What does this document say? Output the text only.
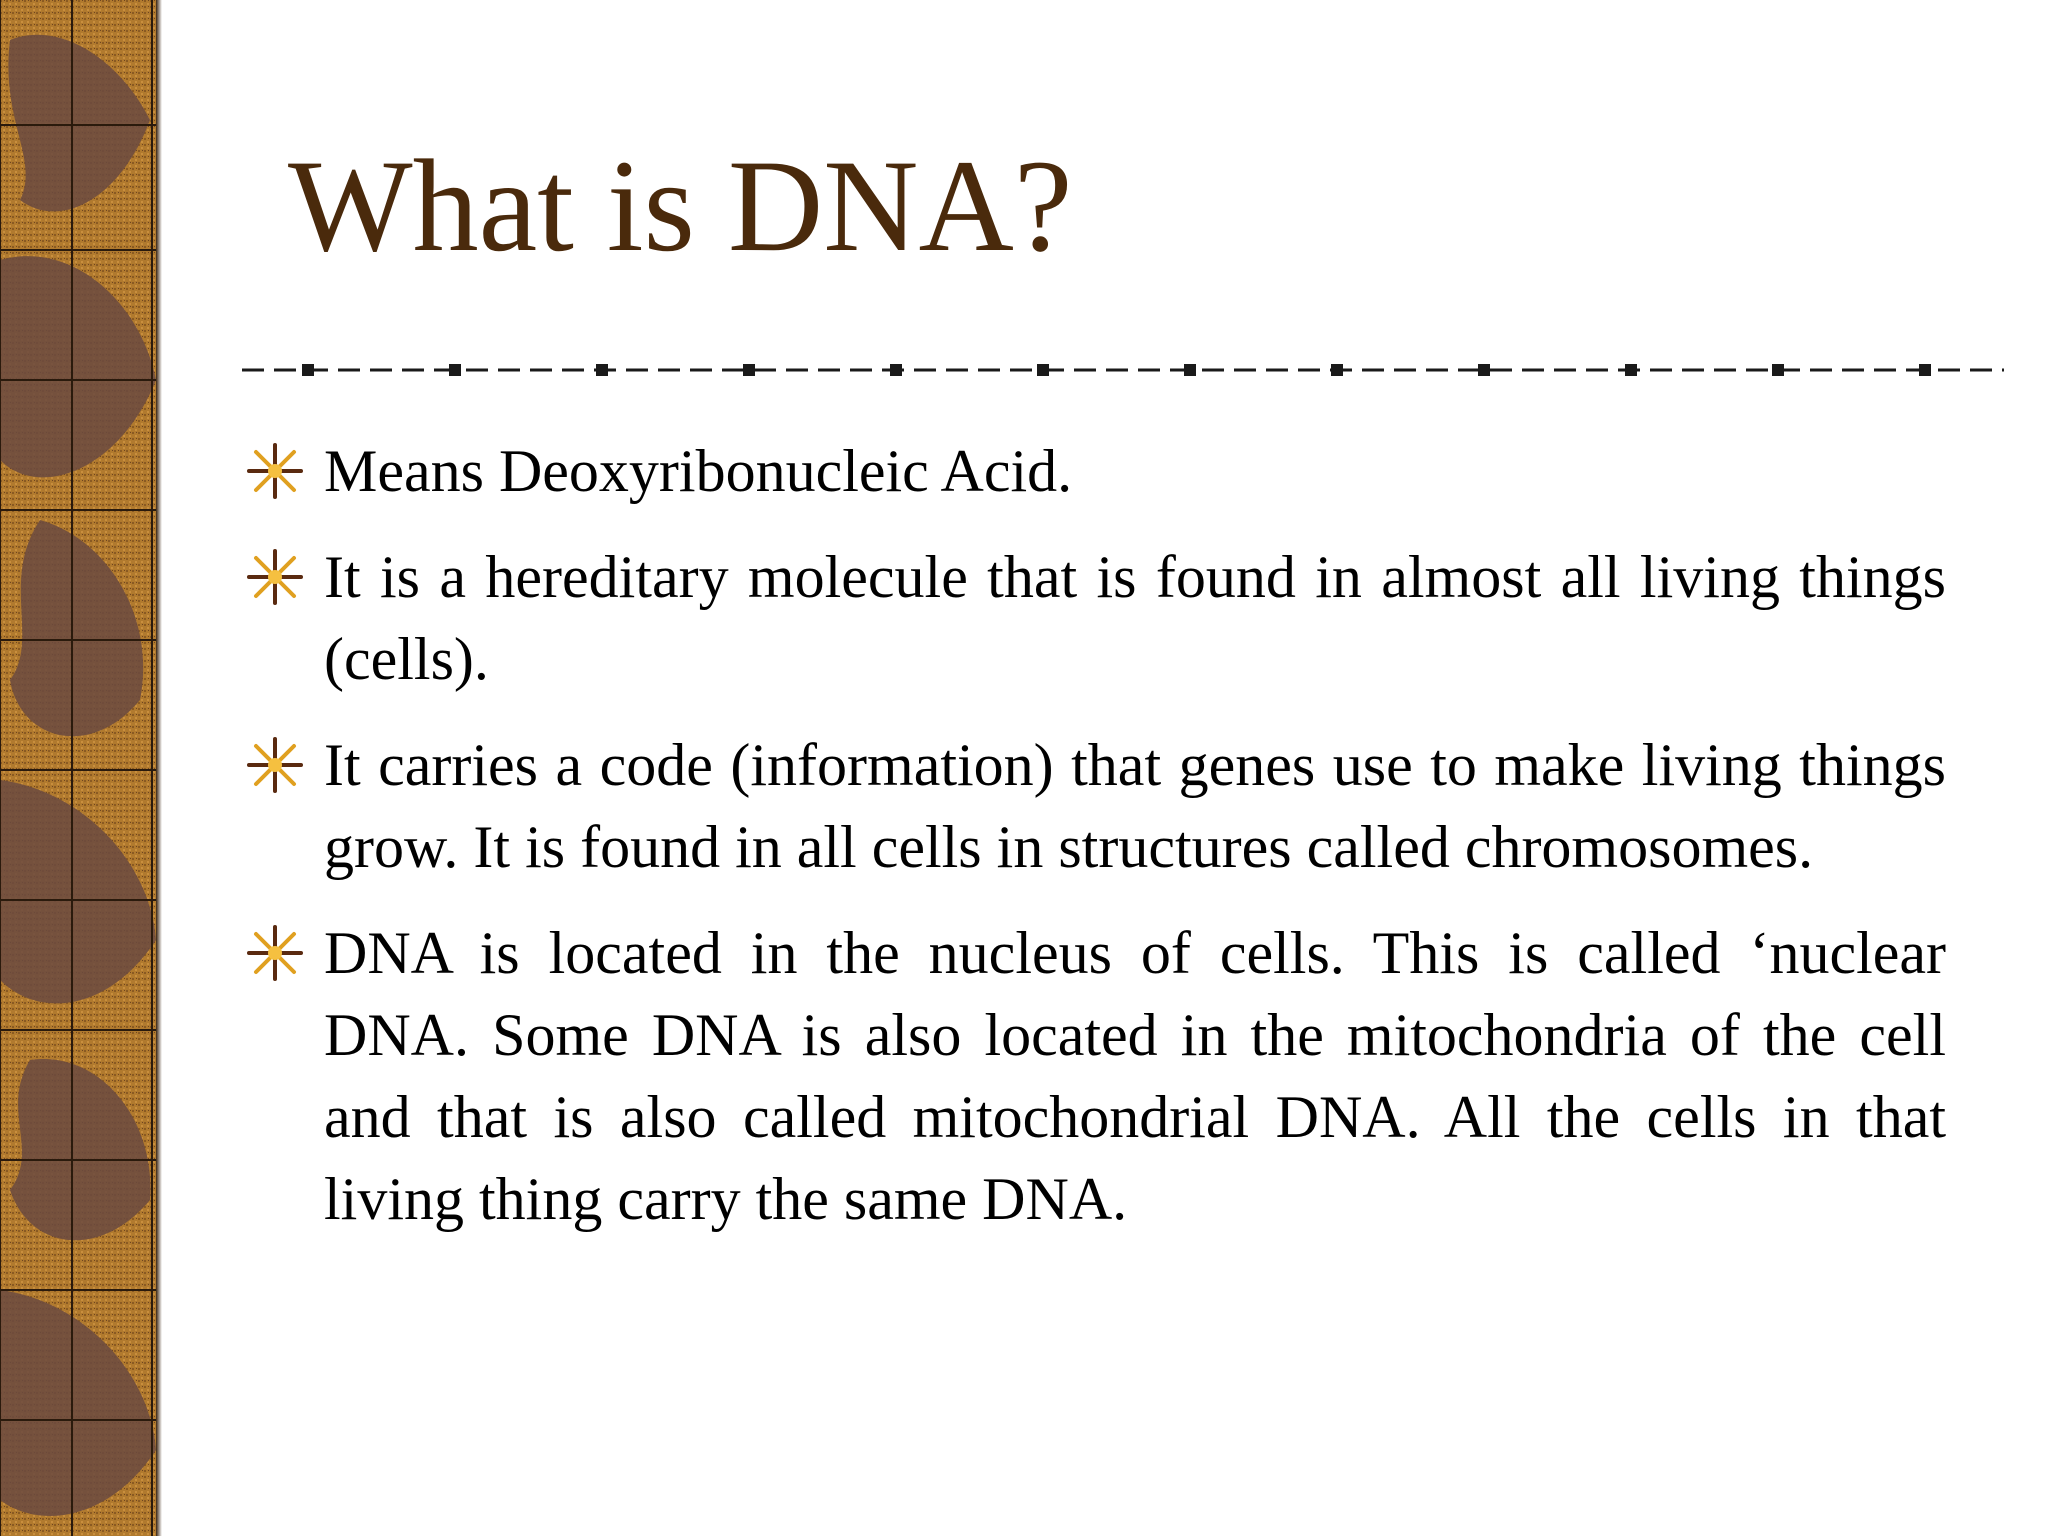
What is DNA?
Means Deoxyribonucleic Acid.
It is a hereditary molecule that is found in almost all living things (cells).
It carries a code (information) that genes use to make living things grow. It is found in all cells in structures called chromosomes.
DNA is located in the nucleus of cells. This is called ‘nuclear DNA. Some DNA is also located in the mitochondria of the cell and that is also called mitochondrial DNA. All the cells in that living thing carry the same DNA.
